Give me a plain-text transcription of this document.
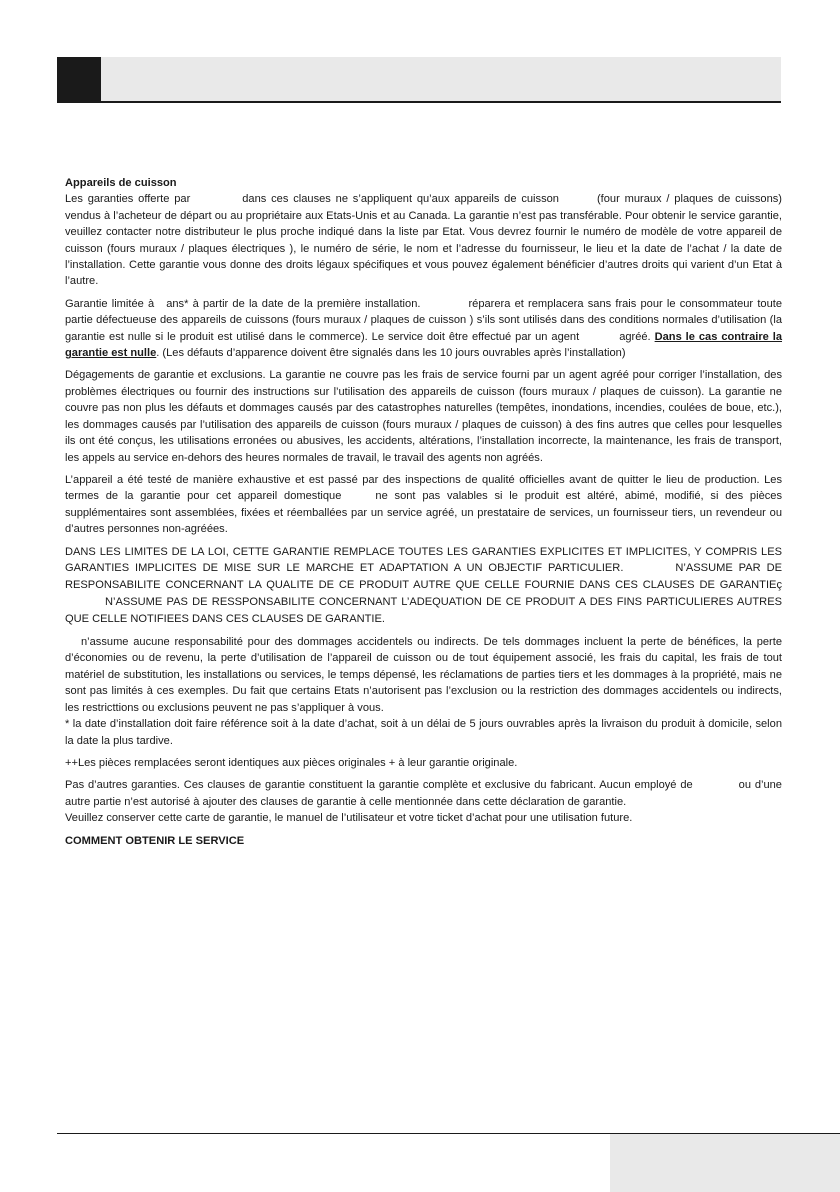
Appareils de cuisson

Les garanties offerte par	dans ces clauses ne s’appliquent qu’aux appareils de cuisson	(four muraux / plaques de cuissons) vendus à l’acheteur de départ ou au propriétaire aux Etats-Unis et au Canada. La garantie n’est pas transférable. Pour obtenir le service garantie, veuillez contacter notre distributeur le plus proche indiqué dans la liste par Etat. Vous devrez fournir le numéro de modèle de votre appareil de cuisson (fours muraux / plaques électriques ), le numéro de série, le nom et l’adresse du fournisseur, le lieu et la date de l’achat / la date de l’installation. Cette garantie vous donne des droits légaux spécifiques et vous pouvez également bénéficier d’autres droits qui varient d’un Etat à l’autre.

Garantie limitée à ans* à partir de la date de la première installation.	réparera et remplacera sans frais pour le consommateur toute partie défectueuse des appareils de cuissons (fours muraux / plaques de cuisson ) s’ils sont utilisés dans des conditions normales d’utilisation (la garantie est nulle si le produit est utilisé dans le commerce). Le service doit être effectué par un agent	agréé. Dans le cas contraire la garantie est nulle. (Les défauts d’apparence doivent être signalés dans les 10 jours ouvrables après l’installation)

Dégagements de garantie et exclusions. La garantie ne couvre pas les frais de service fourni par un agent agréé pour corriger l’installation, des problèmes électriques ou fournir des instructions sur l’utilisation des appareils de cuisson (fours muraux / plaques de cuisson). La garantie ne couvre pas non plus les défauts et dommages causés par des catastrophes naturelles (tempêtes, inondations, incendies, coulées de boue, etc.), les dommages causés par l’utilisation des appareils de cuisson (fours muraux / plaques de cuisson) à des fins autres que celles pour lesquelles ils ont été conçus, les utilisations erronées ou abusives, les accidents, altérations, l’installation incorrecte, la maintenance, les frais de transport, les appels au service en-dehors des heures normales de travail, le travail des agents non agréés.

L’appareil a été testé de manière exhaustive et est passé par des inspections de qualité officielles avant de quitter le lieu de production. Les termes de la garantie pour cet appareil domestique	ne sont pas valables si le produit est altéré, abimé, modifié, si des pièces supplémentaires sont assemblées, fixées et réemballées par un service agréé, un prestataire de services, un fournisseur tiers, un revendeur ou d’autres personnes non-agréées.

DANS LES LIMITES DE LA LOI, CETTE GARANTIE REMPLACE TOUTES LES GARANTIES EXPLICITES ET IMPLICITES, Y COMPRIS LES GARANTIES IMPLICITES DE MISE SUR LE MARCHE ET ADAPTATION A UN OBJECTIF PARTICULIER.	N’ASSUME PAR DE RESPONSABILITE CONCERNANT LA QUALITE DE CE PRODUIT AUTRE QUE CELLE FOURNIE DANS CES CLAUSES DE GARANTIEçN’ASSUME PAS DE RESSPONSABILITE CONCERNANT L’ADEQUATION DE CE PRODUIT A DES FINS PARTICULIERES AUTRES QUE CELLE NOTIFIEES DANS CES CLAUSES DE GARANTIE.

n’assume aucune responsabilité pour des dommages accidentels ou indirects. De tels dommages incluent la perte de bénéfices, la perte d’économies ou de revenu, la perte d’utilisation de l’appareil de cuisson ou de tout équipement associé, les frais du capital, les frais de tout matériel de substitution, les installations ou services, le temps dépensé, les réclamations de parties tiers et les dommages à la propriété, mais ne sont pas limités à ces exemples. Du fait que certains Etats n’autorisent pas l’exclusion ou la restriction des dommages accidentels ou indirects, les restricttions ou exclusions peuvent ne pas s’appliquer à vous.

* la date d’installation doit faire référence soit à la date d’achat, soit à un délai de 5 jours ouvrables après la livraison du produit à domicile, selon la date la plus tardive.

++Les pièces remplacées seront identiques aux pièces originales + à leur garantie originale.

Pas d’autres garanties. Ces clauses de garantie constituent la garantie complète et exclusive du fabricant. Aucun employé de	ou d’une autre partie n’est autorisé à ajouter des clauses de garantie à celle mentionnée dans cette déclaration de garantie.
Veuillez conserver cette carte de garantie, le manuel de l’utilisateur et votre ticket d’achat pour une utilisation future.

COMMENT OBTENIR LE SERVICE
